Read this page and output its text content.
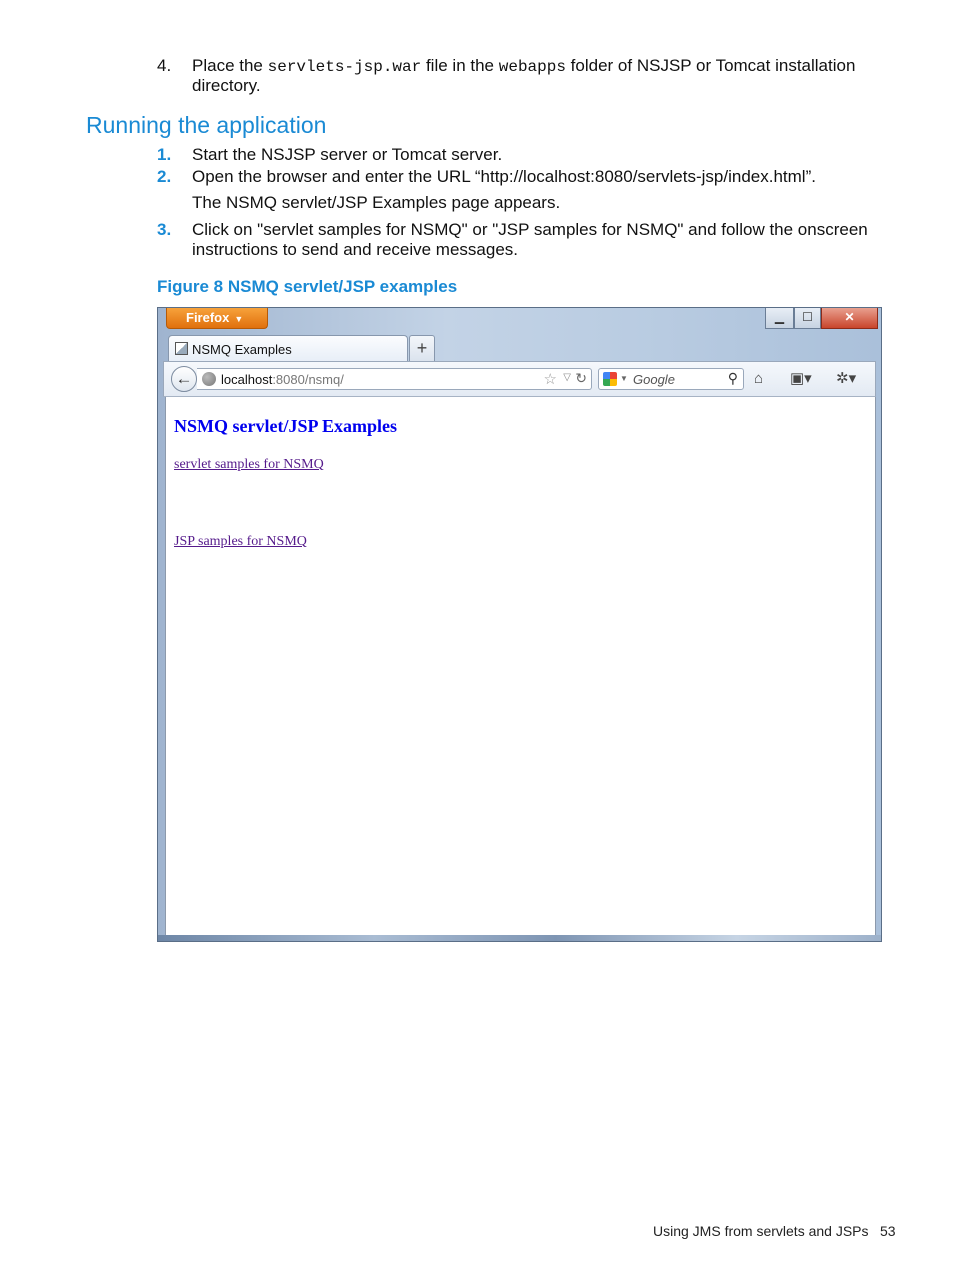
4. Place the servlets-jsp.war file in the webapps folder of NSJSP or Tomcat installation
directory.
Running the application
1.	Start the NSJSP server or Tomcat server.
2.	Open the browser and enter the URL “http://localhost:8080/servlets-jsp/index.html”.
The NSMQ servlet/JSP Examples page appears.
3.	Click on "servlet samples for NSMQ" or "JSP samples for NSMQ" and follow the onscreen
instructions to send and receive messages.
Figure 8 NSMQ servlet/JSP examples
Firefox ▼	▁	☐	✕
NSMQ Examples	+
←	localhost:8080/nsmq/	☆ ▽ ↻	▼ Google	⚲ ⌂ ▣▾ ✲▾
NSMQ servlet/JSP Examples
servlet samples for NSMQ
JSP samples for NSMQ
Using JMS from servlets and JSPs 53
